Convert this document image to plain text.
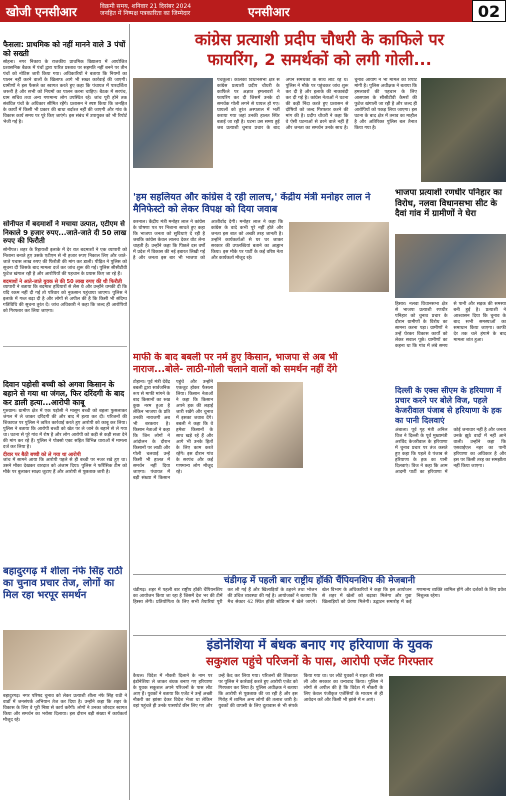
खोजी एनसीआर	विक्रमी समय, शनिवार 21 दिसंबर 2024
जनहित में निष्पक्ष पत्रकारिता का जिम्मेदार	एनसीआर	02
फैसला: प्राथमिक को नहीं मानने वाले 3 पंचों को सख्ती
सोहना। नगर निकाय के राजकीय प्राथमिक विद्यालय में आयोजित प्रशासनिक बैठक में पंचों द्वारा पारित प्रस्ताव पर सहमति नहीं बनने पर तीन पंचों को नोटिस जारी किया गया। अधिकारियों ने बताया कि नियमों का पालन नहीं करने वालों के खिलाफ आगे भी सख्त कार्रवाई की जाएगी। ग्रामीणों ने इस फैसले का स्वागत करते हुए कहा कि पंचायत में पारदर्शिता जरूरी है और सभी को नियमों का पालन करना चाहिए। बैठक में सरपंच, ग्राम सचिव तथा अन्य गणमान्य लोग उपस्थित रहे। जांच पूरी होने तक संबंधित पंचों के अधिकार सीमित रहेंगे। प्रशासन ने स्पष्ट किया कि जनहित के कार्यों में किसी भी प्रकार की बाधा बर्दाश्त नहीं की जाएगी और गांव के विकास कार्य समय पर पूरे किए जाएंगे। इस संबंध में उपायुक्त को भी रिपोर्ट भेजी गई है।
सोनीपत में बदमाशों ने मचाया उत्पात, एटीएम से निकाले 9 हजार रुपए...जाते-जाते दी 50 लाख रुपए की फिरौती
सोनीपत। शहर के रिहायशी इलाके में देर रात बदमाशों ने एक व्यापारी को निशाना बनाते हुए उसके एटीएम से नौ हजार रुपए निकाल लिए और जाते-जाते पचास लाख रुपए की फिरौती की मांग कर डाली। पीड़ित ने पुलिस को सूचना दी जिसके बाद मामला दर्ज कर जांच शुरू की गई। पुलिस सीसीटीवी फुटेज खंगाल रही है और आरोपियों की पहचान के प्रयास किए जा रहे हैं।
बदमाशों ने आते-जाते युवक से की 50 लाख रुपए की थी फिरौती
व्यापारी ने बताया कि बदमाश हथियारों से लैस थे और उन्होंने धमकी दी कि यदि रकम नहीं दी गई तो परिवार को नुकसान पहुंचाया जाएगा। पुलिस ने इलाके में गश्त बढ़ा दी है और लोगों से अपील की है कि किसी भी संदिग्ध गतिविधि की सूचना तुरंत दें। जांच अधिकारी ने कहा कि जल्द ही आरोपियों को गिरफ्तार कर लिया जाएगा।
दिवान पहोसी बच्ची को अगवा किसान के बहाने से गया था जंगल, फिर दरिंदगी के बाद कर डाली हत्या...आरोपी काबू
गुरुग्राम। ग्रामीण क्षेत्र में एक पड़ोसी ने मासूम बच्ची को बहला फुसलाकर जंगल में ले जाकर दरिंदगी की और बाद में हत्या कर दी। परिजनों की शिकायत पर पुलिस ने त्वरित कार्रवाई करते हुए आरोपी को काबू कर लिया। पुलिस ने बताया कि आरोपी बच्ची को खेत पर ले जाने के बहाने से ले गया था। घटना से पूरे गांव में रोष है और लोग आरोपी को कड़ी से कड़ी सजा देने की मांग कर रहे हैं। पुलिस ने पोक्सो एक्ट सहित विभिन्न धाराओं में मामला दर्ज कर लिया है।
दीवार पर बैठी बच्ची को ले गया था आरोपी
जांच में सामने आया कि आरोपी पहले से ही बच्ची पर नजर रखे हुए था। उसने मौका देखकर वारदात को अंजाम दिया। पुलिस ने फॉरेंसिक टीम को मौके पर बुलाकर साक्ष्य जुटाए हैं और आरोपी से पूछताछ जारी है।
बहादुरगढ़ में शीला नंफे सिंह राठी का चुनाव प्रचार तेज, लोगों का मिल रहा भरपूर समर्थन
बहादुरगढ़। नगर परिषद चुनाव को लेकर प्रत्याशी शीला नंफे सिंह राठी ने वार्डों में जनसंपर्क अभियान तेज कर दिया है। उन्होंने कहा कि शहर के विकास के लिए वे पूरी निष्ठा से कार्य करेंगी। लोगों ने उनका जोरदार स्वागत किया और समर्थन का भरोसा दिलाया। इस दौरान बड़ी संख्या में कार्यकर्ता मौजूद रहे।
कांग्रेस प्रत्याशी प्रदीप चौधरी के काफिले पर
फायरिंग, 2 समर्थकों को लगी गोली...
पंचकूला। कालका विधानसभा क्षेत्र से कांग्रेस प्रत्याशी प्रदीप चौधरी के काफिले पर अज्ञात हमलावरों ने फायरिंग कर दी जिसमें उनके दो समर्थक गोली लगने से घायल हो गए। घायलों को तुरंत अस्पताल में भर्ती कराया गया जहां उनकी हालत स्थिर बताई जा रही है। घटना उस समय हुई जब प्रत्याशी चुनाव प्रचार के बाद अपने समर्थकों के साथ लौट रहे थे। पुलिस ने मौके पर पहुंचकर जांच शुरू कर दी है और इलाके की नाकाबंदी कर दी गई है। कांग्रेस नेताओं ने घटना की कड़ी निंदा करते हुए प्रशासन से दोषियों को जल्द गिरफ्तार करने की मांग की है। प्रदीप चौधरी ने कहा कि वे ऐसी घटनाओं से डरने वाले नहीं हैं और जनता का समर्थन उनके साथ है। चुनाव आयोग ने भी मामले की रिपोर्ट मांगी है। पुलिस अधीक्षक ने बताया कि हमलावरों की पहचान के लिए आसपास के सीसीटीवी कैमरों की फुटेज खंगाली जा रही है और जल्द ही आरोपियों को पकड़ लिया जाएगा। इस घटना के बाद क्षेत्र में तनाव का माहौल है और अतिरिक्त पुलिस बल तैनात किया गया है।
'हम सहलियत और कांग्रेस दे रही लालच,' केंद्रीय मंत्री मनोहर लाल ने मैनिफेस्टो को लेकर विपक्ष को दिया जवाब
करनाल। केंद्रीय मंत्री मनोहर लाल ने कांग्रेस के घोषणा पत्र पर निशाना साधते हुए कहा कि भाजपा जनता को सुविधाएं दे रही है जबकि कांग्रेस केवल लालच देकर वोट लेना चाहती है। उन्होंने कहा कि पिछले दस वर्षों में प्रदेश में विकास की नई इबारत लिखी गई है और जनता इस बार भी भाजपा को आशीर्वाद देगी। मनोहर लाल ने कहा कि कांग्रेस के वादे कभी पूरे नहीं होते और जनता इस बात को अच्छी तरह जानती है। उन्होंने कार्यकर्ताओं से घर घर जाकर सरकार की उपलब्धियां बताने का आह्वान किया। इस मौके पर पार्टी के कई वरिष्ठ नेता और कार्यकर्ता मौजूद रहे।
भाजपा प्रत्याशी रणधीर पनिहार का विरोध, नलवा विधानसभा सीट के दैवां गांव में ग्रामीणों ने घेरा
हिसार। नलवा विधानसभा क्षेत्र से भाजपा प्रत्याशी रणधीर पनिहार को चुनाव प्रचार के दौरान ग्रामीणों के विरोध का सामना करना पड़ा। ग्रामीणों ने उन्हें घेरकर विकास कार्यों को लेकर सवाल पूछे। ग्रामीणों का कहना था कि गांव में लंबे समय से पानी और सड़क की समस्या बनी हुई है। प्रत्याशी ने आश्वासन दिया कि चुनाव के बाद सभी समस्याओं का समाधान किया जाएगा। काफी देर तक चले हंगामे के बाद मामला शांत हुआ।
माफी के बाद बबली पर नर्म हुए किसान, भाजपा से अब भी नाराज...बोले- लाठी-गोली चलाने वालों को समर्थन नहीं देंगे
टोहाना। पूर्व मंत्री देवेंद्र बबली द्वारा सार्वजनिक रूप से माफी मांगने के बाद किसानों का रुख कुछ नरम हुआ है लेकिन भाजपा के प्रति उनकी नाराजगी अब भी बरकरार है। किसान नेताओं ने कहा कि जिन लोगों ने आंदोलन के दौरान किसानों पर लाठी और गोली चलवाई उन्हें किसी भी हालत में समर्थन नहीं दिया जाएगा। पंचायत में बड़ी संख्या में किसान पहुंचे और उन्होंने एकजुट होकर फैसला लिया। किसान नेताओं ने कहा कि किसान अपने हक की लड़ाई जारी रखेंगे और चुनाव में इसका जवाब देंगे। बबली ने कहा कि वे हमेशा किसानों के साथ खड़े रहे हैं और आगे भी उनके हितों के लिए काम करते रहेंगे। इस दौरान गांव के सरपंच और कई गणमान्य लोग मौजूद रहे।
दिल्ली के एक्स सीएम के हरियाणा में प्रचार करने पर बोले विज, पहले केजरीवाल पंजाब से हरियाणा के हक का पानी दिलवाएं
अंबाला। पूर्व गृह मंत्री अनिल विज ने दिल्ली के पूर्व मुख्यमंत्री अरविंद केजरीवाल के हरियाणा में चुनाव प्रचार पर तंज कसते हुए कहा कि पहले वे पंजाब से हरियाणा के हक का पानी दिलवाएं। विज ने कहा कि आम आदमी पार्टी का हरियाणा में कोई जनाधार नहीं है और जनता उनके झूठे वादों में नहीं आने वाली। उन्होंने कहा कि एसवाईएल नहर का पानी हरियाणा का अधिकार है और इस पर किसी तरह का समझौता नहीं किया जाएगा।
चंडीगढ़ में पहली बार राष्ट्रीय हॉकी चैंपियनशिप की मेजबानी
चंडीगढ़। शहर में पहली बार राष्ट्रीय हॉकी चैंपियनशिप का आयोजन किया जा रहा है जिसमें देश भर की टीमें हिस्सा लेंगी। प्रतियोगिता के लिए सभी तैयारियां पूरी कर ली गई हैं और खिलाड़ियों के ठहरने तथा भोजन की उचित व्यवस्था की गई है। आयोजकों ने बताया कि मैच सेक्टर 42 स्थित हॉकी स्टेडियम में खेले जाएंगे। खेल विभाग के अधिकारियों ने कहा कि इस आयोजन से शहर में खेलों को बढ़ावा मिलेगा और युवा खिलाड़ियों को प्रेरणा मिलेगी। उद्घाटन समारोह में कई गणमान्य व्यक्ति शामिल होंगे और दर्शकों के लिए प्रवेश निशुल्क रहेगा।
इंडोनेशिया में बंधक बनाए गए हरियाणा के युवक
सकुशल पहुंचे परिजनों के पास, आरोपी एजेंट गिरफ्तार
कैथल। विदेश में नौकरी दिलाने के नाम पर इंडोनेशिया ले जाकर बंधक बनाए गए हरियाणा के युवक सकुशल अपने परिजनों के पास लौट आए हैं। युवकों ने बताया कि एजेंट ने उन्हें अच्छी नौकरी का झांसा देकर विदेश भेजा था लेकिन वहां पहुंचते ही उनके पासपोर्ट छीन लिए गए और उन्हें कैद कर लिया गया। परिजनों की शिकायत पर पुलिस ने कार्रवाई करते हुए आरोपी एजेंट को गिरफ्तार कर लिया है। पुलिस अधीक्षक ने बताया कि आरोपी से पूछताछ की जा रही है और इस गिरोह में शामिल अन्य लोगों की तलाश जारी है। युवकों की वापसी के लिए दूतावास से भी संपर्क किया गया था। घर लौटे युवकों ने राहत की सांस ली और सरकार का धन्यवाद किया। पुलिस ने लोगों से अपील की है कि विदेश में नौकरी के लिए केवल पंजीकृत एजेंसियों के माध्यम से ही आवेदन करें और किसी भी झांसे में न आएं।
